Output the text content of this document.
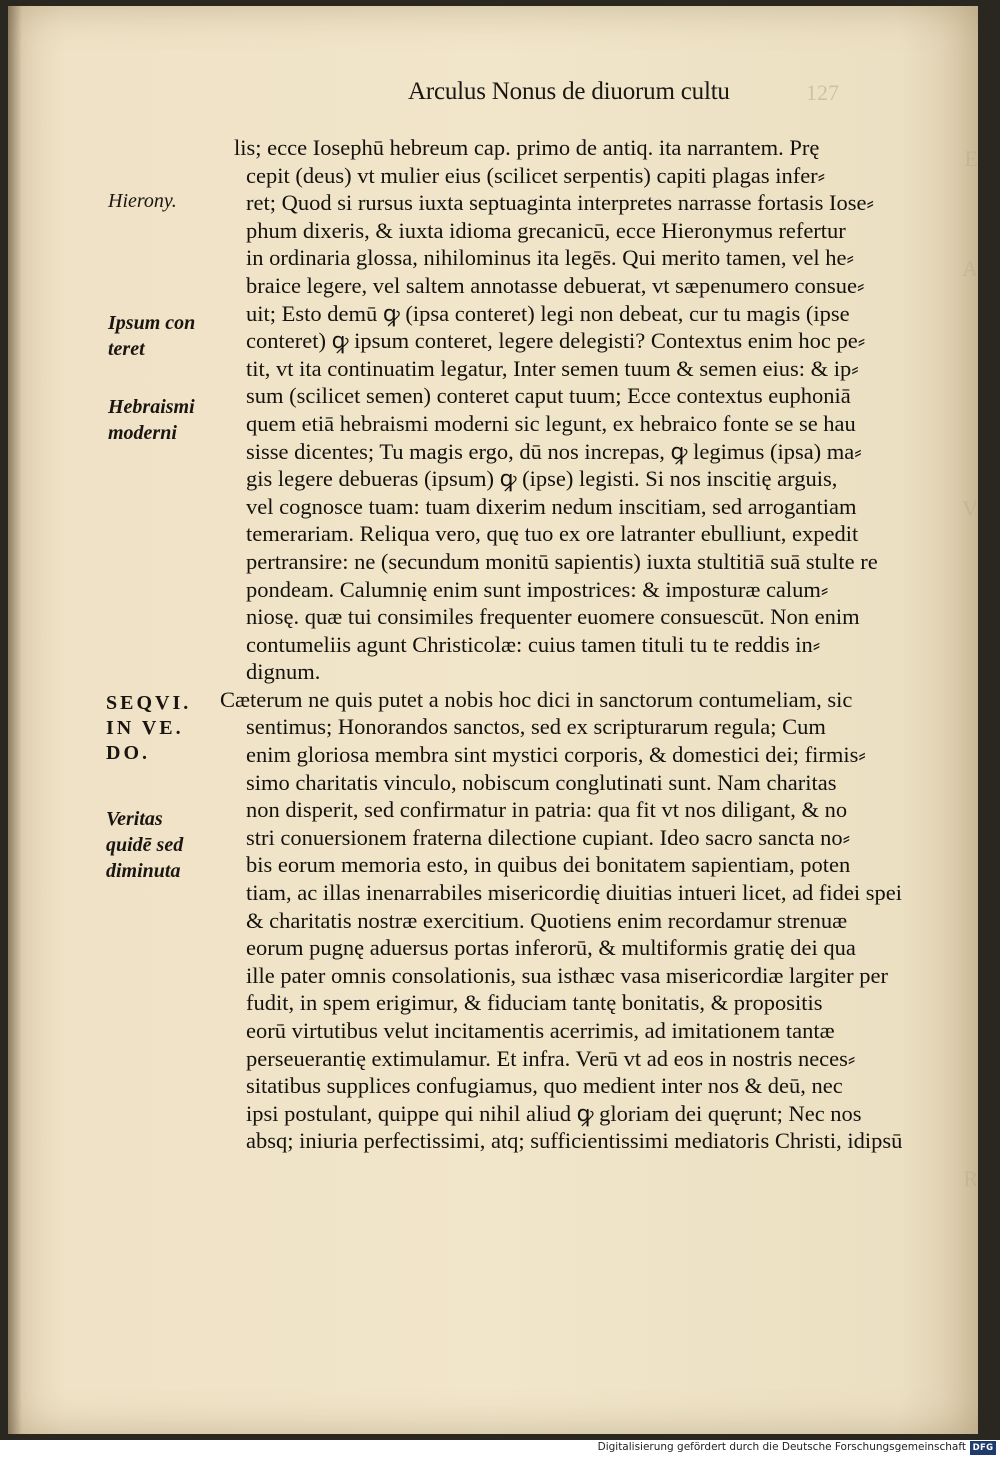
Arculus Nonus de diuorum cultu	127
E
A
V
R
Hierony.
Ipsum con
teret
Hebraismi
moderni
SEQVI.
IN VE.
DO.
Veritas
quidē sed
diminuta
lis; ecce Iosephū hebreum cap. primo de antiq. ita narrantem. Prę
cepit (deus) vt mulier eius (scilicet serpentis) capiti plagas infer⸗
ret; Quod si rursus iuxta septuaginta interpretes narrasse fortasis Iose⸗
phum dixeris, & iuxta idioma grecanicū, ecce Hieronymus refertur
in ordinaria glossa, nihilominus ita legēs. Qui merito tamen, vel he⸗
braice legere, vel saltem annotasse debuerat, vt sæpenumero consue⸗
uit; Esto demū ꝙ (ipsa conteret) legi non debeat, cur tu magis (ipse
conteret) ꝙ ipsum conteret, legere delegisti? Contextus enim hoc pe⸗
tit, vt ita continuatim legatur, Inter semen tuum & semen eius: & ip⸗
sum (scilicet semen) conteret caput tuum; Ecce contextus euphoniā
quem etiā hebraismi moderni sic legunt, ex hebraico fonte se se hau
sisse dicentes; Tu magis ergo, dū nos increpas, ꝙ legimus (ipsa) ma⸗
gis legere debueras (ipsum) ꝙ (ipse) legisti. Si nos inscitię arguis,
vel cognosce tuam: tuam dixerim nedum inscitiam, sed arrogantiam
temerariam. Reliqua vero, quę tuo ex ore latranter ebulliunt, expedit
pertransire: ne (secundum monitū sapientis) iuxta stultitiā suā stulte re
pondeam. Calumnię enim sunt impostrices: & imposturæ calum⸗
niosę. quæ tui consimiles frequenter euomere consuescūt. Non enim
contumeliis agunt Christicolæ: cuius tamen tituli tu te reddis in⸗
dignum.
Cæterum ne quis putet a nobis hoc dici in sanctorum contumeliam, sic
sentimus; Honorandos sanctos, sed ex scripturarum regula; Cum
enim gloriosa membra sint mystici corporis, & domestici dei; firmis⸗
simo charitatis vinculo, nobiscum conglutinati sunt. Nam charitas
non disperit, sed confirmatur in patria: qua fit vt nos diligant, & no
stri conuersionem fraterna dilectione cupiant. Ideo sacro sancta no⸗
bis eorum memoria esto, in quibus dei bonitatem sapientiam, poten
tiam, ac illas inenarrabiles misericordię diuitias intueri licet, ad fidei spei
& charitatis nostræ exercitium. Quotiens enim recordamur strenuæ
eorum pugnę aduersus portas inferorū, & multiformis gratię dei qua
ille pater omnis consolationis, sua isthæc vasa misericordiæ largiter per
fudit, in spem erigimur, & fiduciam tantę bonitatis, & propositis
eorū virtutibus velut incitamentis acerrimis, ad imitationem tantæ
perseuerantię extimulamur. Et infra. Verū vt ad eos in nostris neces⸗
sitatibus supplices confugiamus, quo medient inter nos & deū, nec
ipsi postulant, quippe qui nihil aliud ꝙ gloriam dei quęrunt; Nec nos
absq; iniuria perfectissimi, atq; sufficientissimi mediatoris Christi, idipsū
Digitalisierung gefördert durch die Deutsche Forschungsgemeinschaft DFG
